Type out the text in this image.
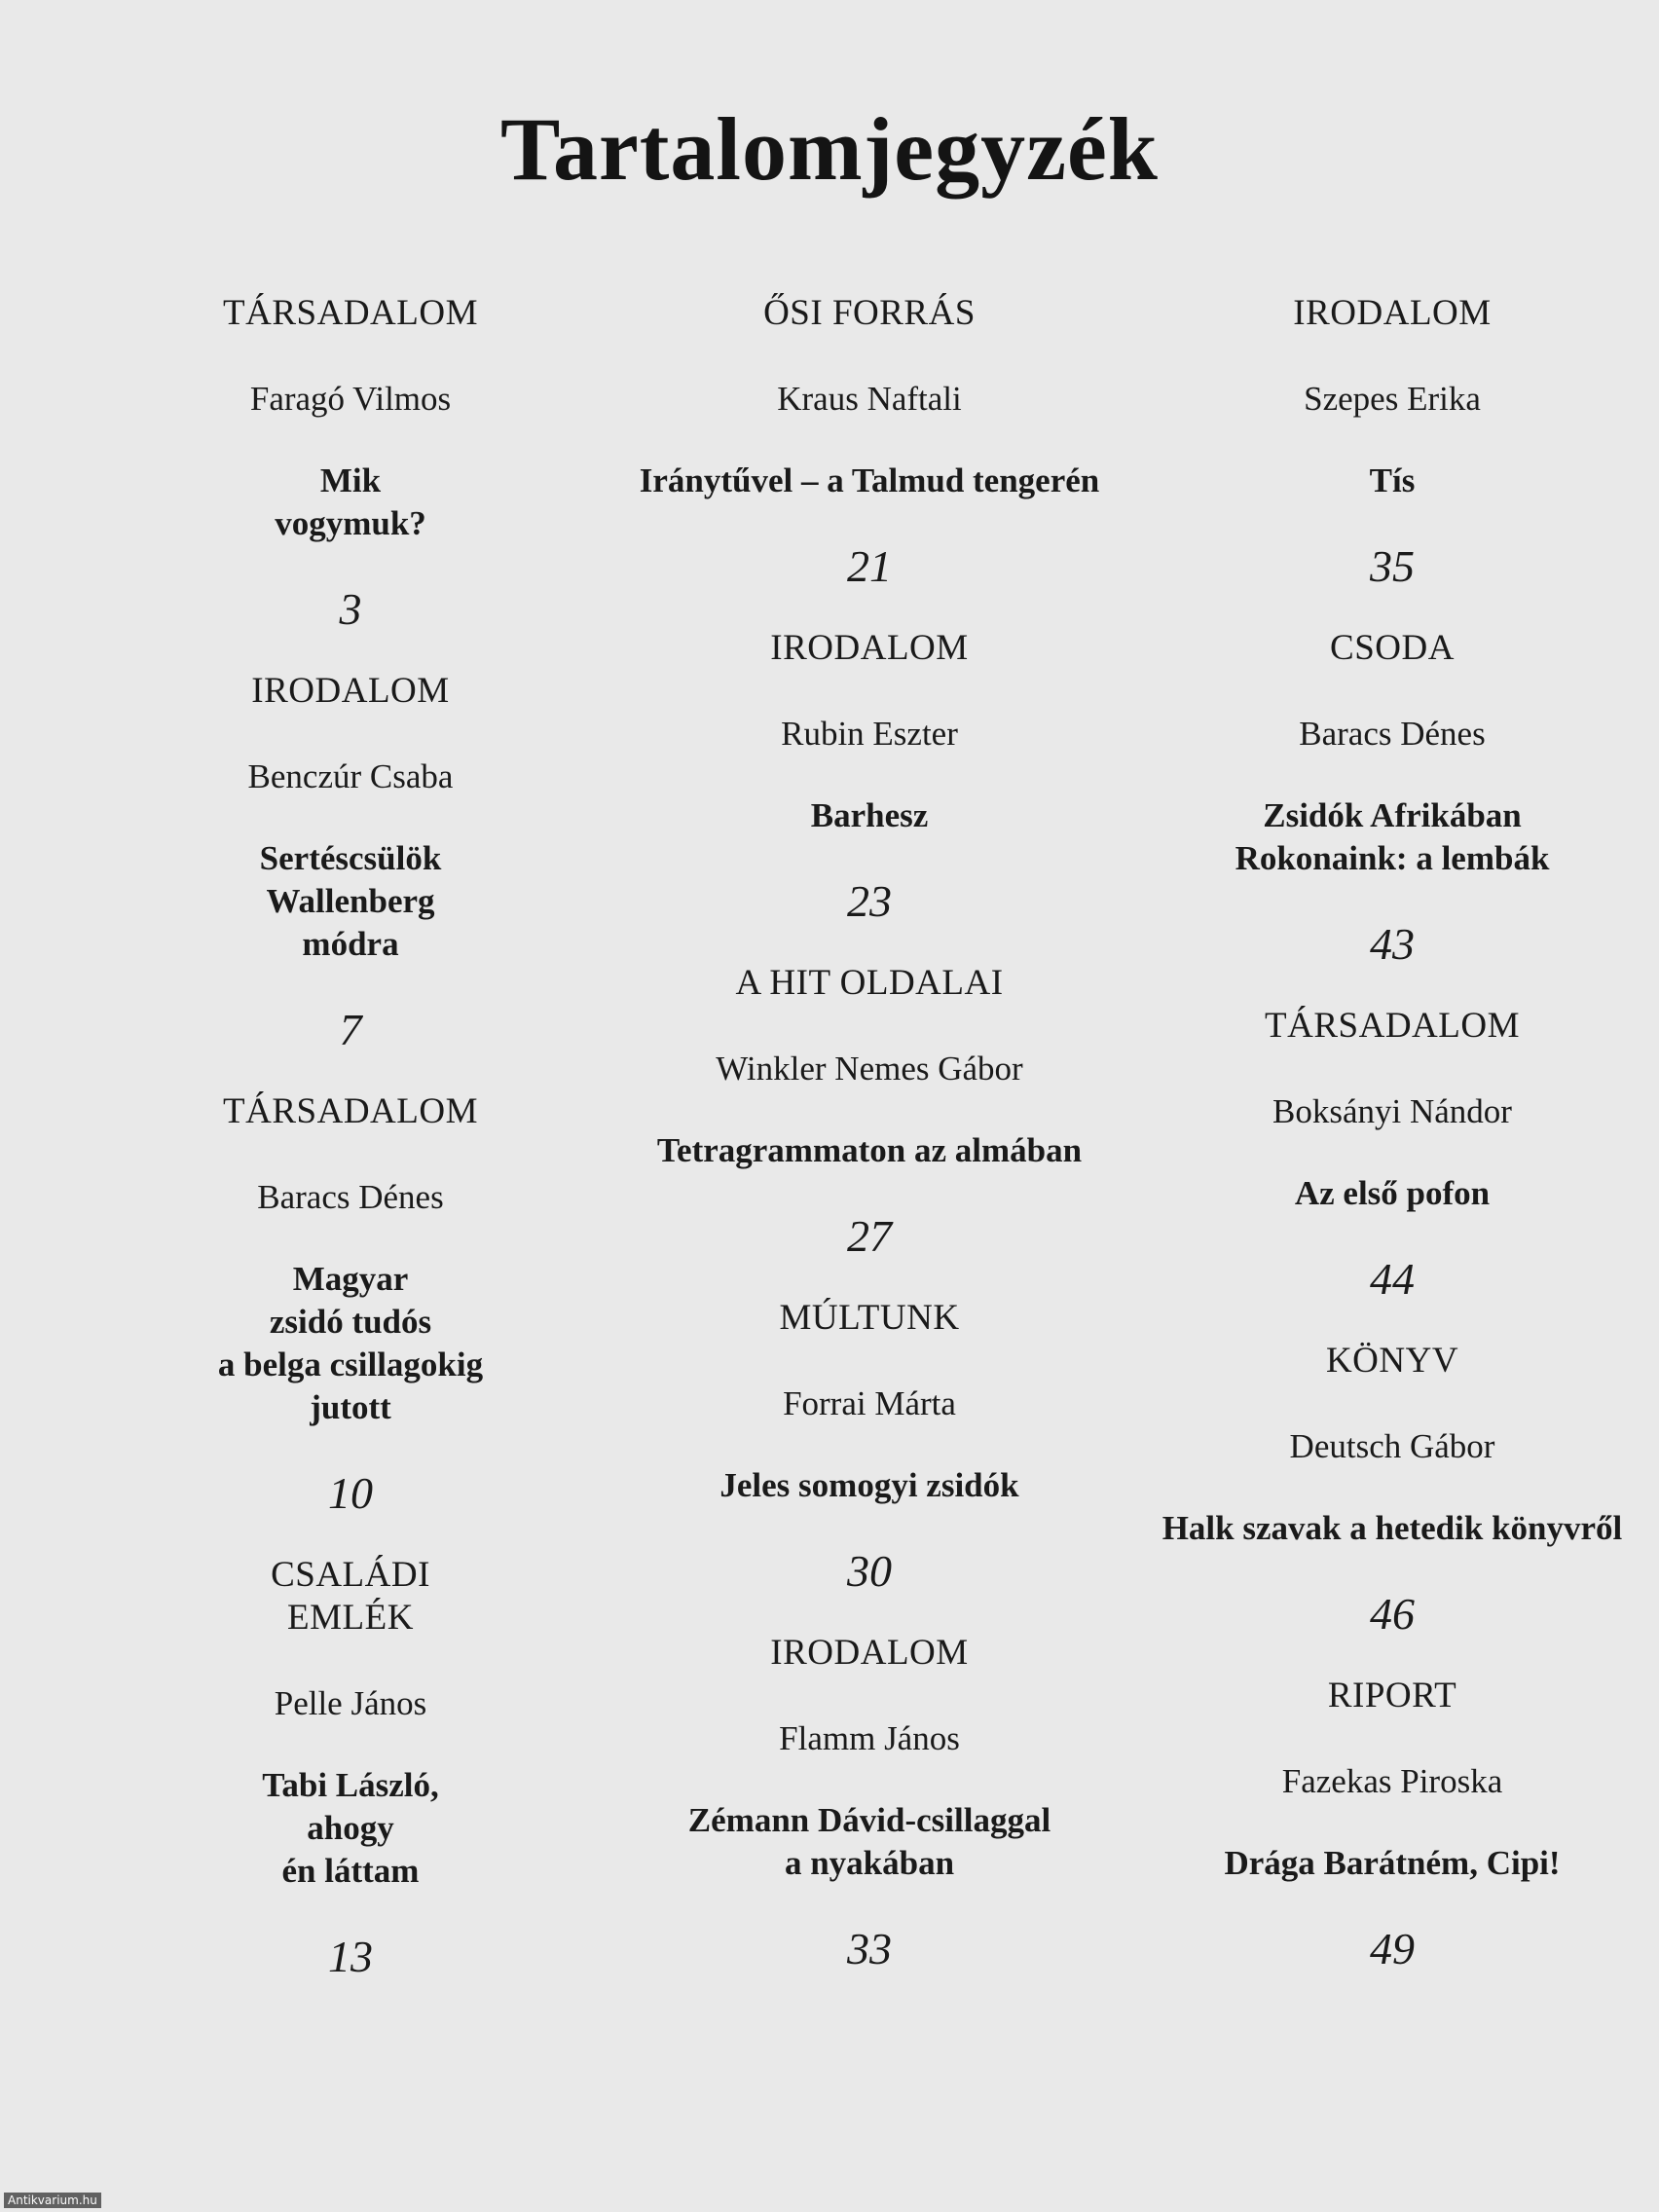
Tartalomjegyzék
TÁRSADALOM
Faragó Vilmos
Mik
vogymuk?
3
IRODALOM
Benczúr Csaba
Sertéscsülök
Wallenberg
módra
7
TÁRSADALOM
Baracs Dénes
Magyar
zsidó tudós
a belga csillagokig
jutott
10
CSALÁDI
EMLÉK
Pelle János
Tabi László,
ahogy
én láttam
13
ŐSI FORRÁS
Kraus Naftali
Iránytűvel – a Talmud tengerén
21
IRODALOM
Rubin Eszter
Barhesz
23
A HIT OLDALAI
Winkler Nemes Gábor
Tetragrammaton az almában
27
MÚLTUNK
Forrai Márta
Jeles somogyi zsidók
30
IRODALOM
Flamm János
Zémann Dávid-csillaggal
a nyakában
33
IRODALOM
Szepes Erika
Tís
35
CSODA
Baracs Dénes
Zsidók Afrikában
Rokonaink: a lembák
43
TÁRSADALOM
Boksányi Nándor
Az első pofon
44
KÖNYV
Deutsch Gábor
Halk szavak a hetedik könyvről
46
RIPORT
Fazekas Piroska
Drága Barátném, Cipi!
49
Antikvarium.hu
